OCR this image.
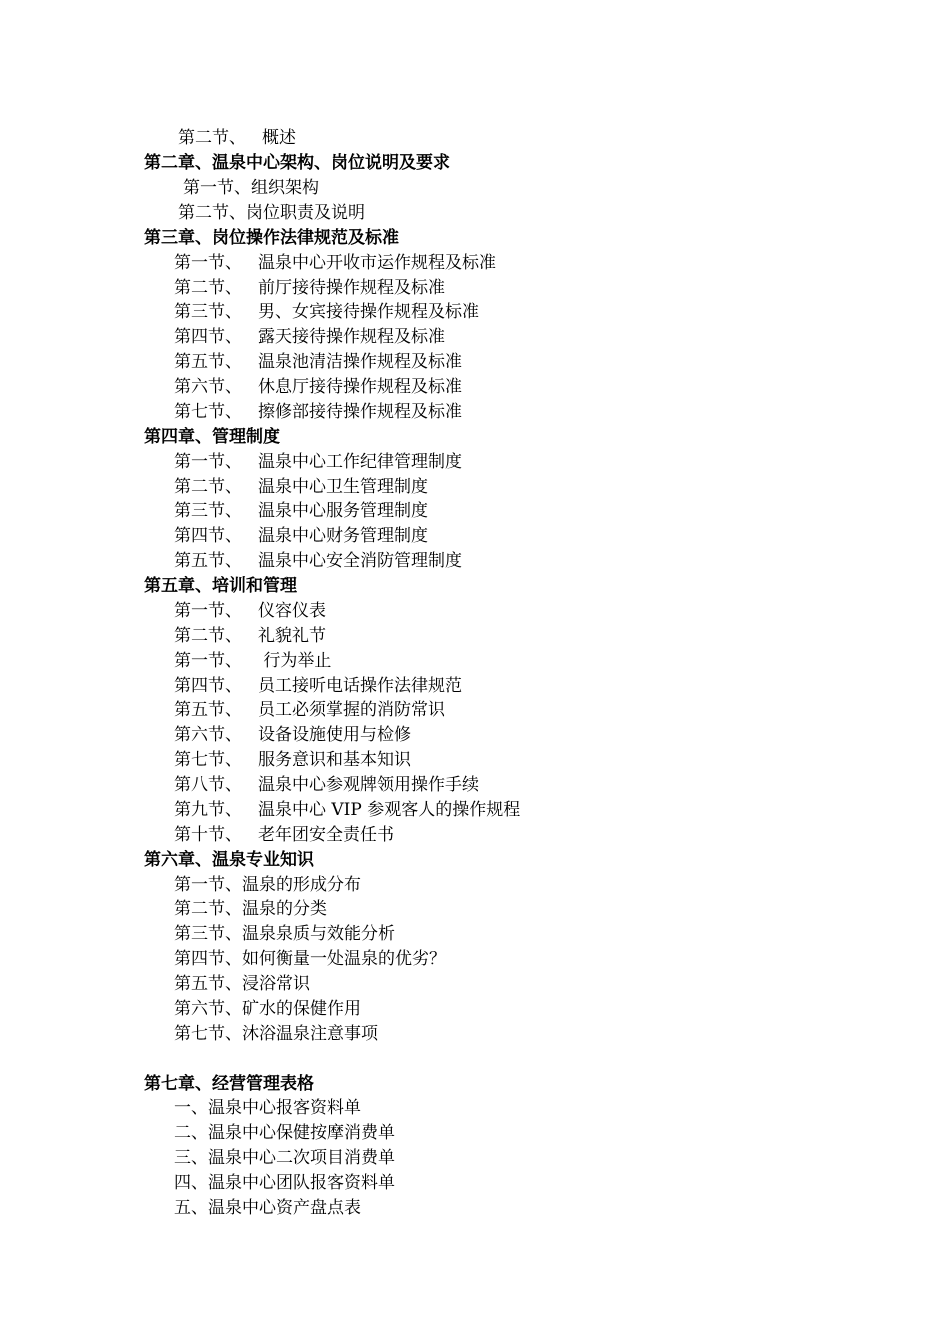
第二节、 概述
第二章、温泉中心架构、岗位说明及要求
第一节、组织架构
第二节、岗位职责及说明
第三章、岗位操作法律规范及标准
第一节、 温泉中心开收市运作规程及标准
第二节、 前厅接待操作规程及标准
第三节、 男、女宾接待操作规程及标准
第四节、 露天接待操作规程及标准
第五节、 温泉池清洁操作规程及标准
第六节、 休息厅接待操作规程及标准
第七节、 擦修部接待操作规程及标准
第四章、管理制度
第一节、 温泉中心工作纪律管理制度
第二节、 温泉中心卫生管理制度
第三节、 温泉中心服务管理制度
第四节、 温泉中心财务管理制度
第五节、 温泉中心安全消防管理制度
第五章、培训和管理
第一节、 仪容仪表
第二节、 礼貌礼节
第一节、 行为举止
第四节、 员工接听电话操作法律规范
第五节、 员工必须掌握的消防常识
第六节、 设备设施使用与检修
第七节、 服务意识和基本知识
第八节、 温泉中心参观牌领用操作手续
第九节、 温泉中心 VIP 参观客人的操作规程
第十节、 老年团安全责任书
第六章、温泉专业知识
第一节、温泉的形成分布
第二节、温泉的分类
第三节、温泉泉质与效能分析
第四节、如何衡量一处温泉的优劣？
第五节、浸浴常识
第六节、矿水的保健作用
第七节、沐浴温泉注意事项
第七章、经营管理表格
一、温泉中心报客资料单
二、温泉中心保健按摩消费单
三、温泉中心二次项目消费单
四、温泉中心团队报客资料单
五、温泉中心资产盘点表
